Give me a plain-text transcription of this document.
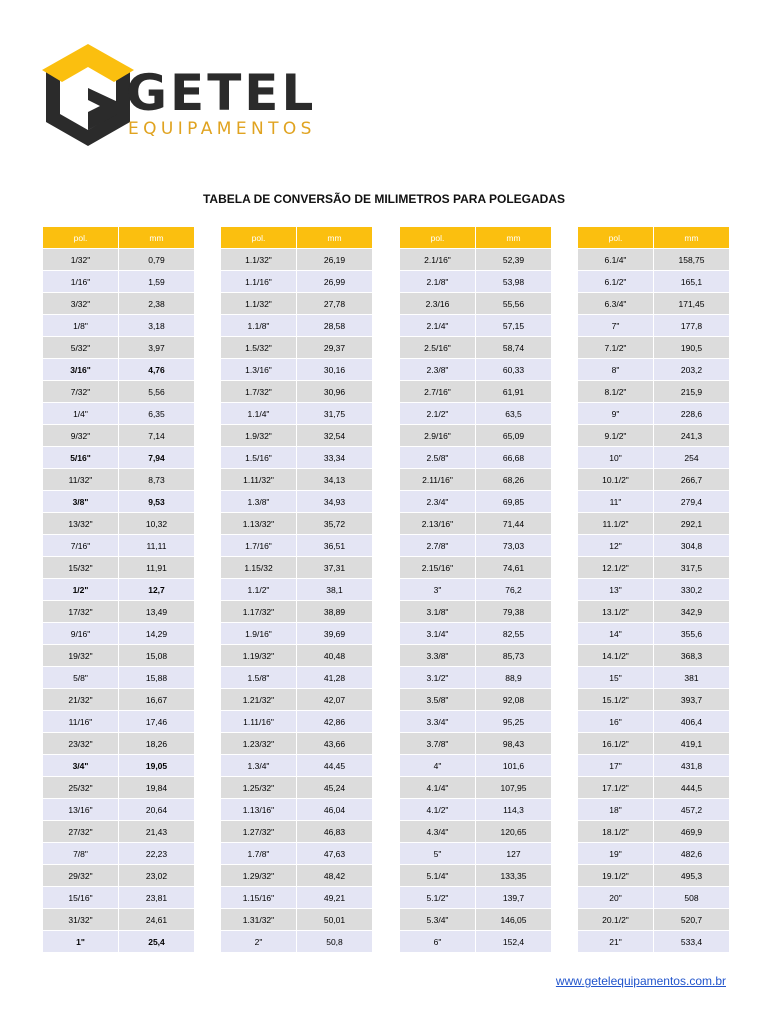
GETEL
EQUIPAMENTOS
TABELA DE CONVERSÃO DE MILIMETROS PARA POLEGADAS
pol.	mm
1/32"	0,79
1/16"	1,59
3/32"	2,38
1/8"	3,18
5/32"	3,97
3/16"	4,76
7/32"	5,56
1/4"	6,35
9/32"	7,14
5/16"	7,94
11/32"	8,73
3/8"	9,53
13/32"	10,32
7/16"	11,11
15/32"	11,91
1/2"	12,7
17/32"	13,49
9/16"	14,29
19/32"	15,08
5/8"	15,88
21/32"	16,67
11/16"	17,46
23/32"	18,26
3/4"	19,05
25/32"	19,84
13/16"	20,64
27/32"	21,43
7/8"	22,23
29/32"	23,02
15/16"	23,81
31/32"	24,61
1"	25,4
pol.	mm
1.1/32"	26,19
1.1/16"	26,99
1.1/32"	27,78
1.1/8"	28,58
1.5/32"	29,37
1.3/16"	30,16
1.7/32"	30,96
1.1/4"	31,75
1.9/32"	32,54
1.5/16"	33,34
1.11/32"	34,13
1.3/8"	34,93
1.13/32"	35,72
1.7/16"	36,51
1.15/32	37,31
1.1/2"	38,1
1.17/32"	38,89
1.9/16"	39,69
1.19/32"	40,48
1.5/8"	41,28
1.21/32"	42,07
1.11/16"	42,86
1.23/32"	43,66
1.3/4"	44,45
1.25/32"	45,24
1.13/16"	46,04
1.27/32"	46,83
1.7/8"	47,63
1.29/32"	48,42
1.15/16"	49,21
1.31/32"	50,01
2"	50,8
pol.	mm
2.1/16"	52,39
2.1/8"	53,98
2.3/16	55,56
2.1/4"	57,15
2.5/16"	58,74
2.3/8"	60,33
2.7/16"	61,91
2.1/2"	63,5
2.9/16"	65,09
2.5/8"	66,68
2.11/16"	68,26
2.3/4"	69,85
2.13/16"	71,44
2.7/8"	73,03
2.15/16"	74,61
3"	76,2
3.1/8"	79,38
3.1/4"	82,55
3.3/8"	85,73
3.1/2"	88,9
3.5/8"	92,08
3.3/4"	95,25
3.7/8"	98,43
4"	101,6
4.1/4"	107,95
4.1/2"	114,3
4.3/4"	120,65
5"	127
5.1/4"	133,35
5.1/2"	139,7
5.3/4"	146,05
6"	152,4
pol.	mm
6.1/4"	158,75
6.1/2"	165,1
6.3/4"	171,45
7"	177,8
7.1/2"	190,5
8"	203,2
8.1/2"	215,9
9"	228,6
9.1/2"	241,3
10"	254
10.1/2"	266,7
11"	279,4
11.1/2"	292,1
12"	304,8
12.1/2"	317,5
13"	330,2
13.1/2"	342,9
14"	355,6
14.1/2"	368,3
15"	381
15.1/2"	393,7
16"	406,4
16.1/2"	419,1
17"	431,8
17.1/2"	444,5
18"	457,2
18.1/2"	469,9
19"	482,6
19.1/2"	495,3
20"	508
20.1/2"	520,7
21"	533,4
www.getelequipamentos.com.br
